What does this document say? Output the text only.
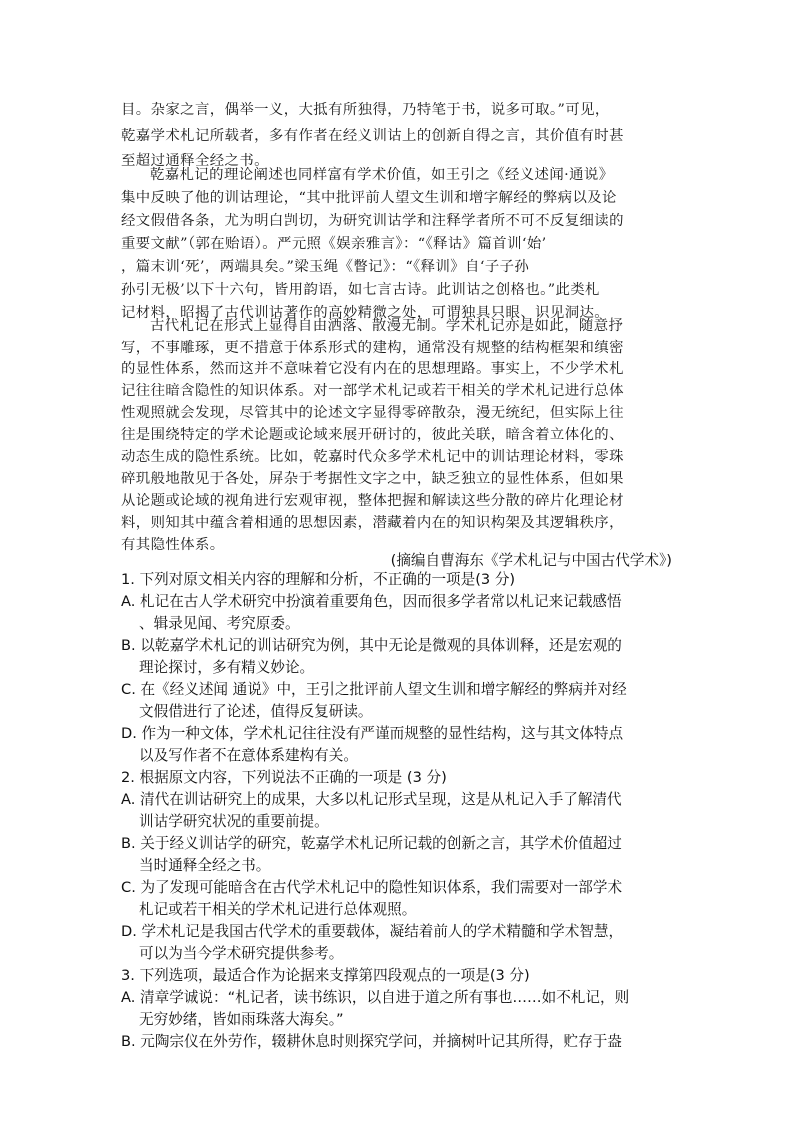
目。杂家之言，偶举一义，大抵有所独得，乃特笔于书，说多可取。”可见，
乾嘉学术札记所载者，多有作者在经义训诂上的创新自得之言，其价值有时甚
至超过通释全经之书。
乾嘉札记的理论阐述也同样富有学术价值，如王引之《经义述闻·通说》
集中反映了他的训诂理论，“其中批评前人望文生训和增字解经的弊病以及论
经文假借各条，尤为明白剀切，为研究训诂学和注释学者所不可不反复细读的
重要文献”（郭在贻语）。严元照《娱亲雅言》：“《释诂》篇首训‘始’
，篇末训‘死’，两端具矣。”梁玉绳《瞥记》：“《释训》自‘子子孙
孙引无极’以下十六句，皆用韵语，如七言古诗。此训诂之创格也。”此类札
记材料，昭揭了古代训诂著作的高妙精微之处，可谓独具只眼、识见洞达。
古代札记在形式上显得自由洒落、散漫无制。学术札记亦是如此，随意抒
写，不事雕琢，更不措意于体系形式的建构，通常没有规整的结构框架和缜密
的显性体系，然而这并不意味着它没有内在的思想理路。事实上，不少学术札
记往往暗含隐性的知识体系。对一部学术札记或若干相关的学术札记进行总体
性观照就会发现，尽管其中的论述文字显得零碎散杂，漫无统纪，但实际上往
往是围绕特定的学术论题或论域来展开研讨的，彼此关联，暗含着立体化的、
动态生成的隐性系统。比如，乾嘉时代众多学术札记中的训诂理论材料，零珠
碎玑般地散见于各处，屏杂于考据性文字之中，缺乏独立的显性体系，但如果
从论题或论域的视角进行宏观审视，整体把握和解读这些分散的碎片化理论材
料，则知其中蕴含着相通的思想因素，潜藏着内在的知识构架及其逻辑秩序，
有其隐性体系。
(摘编自曹海东《学术札记与中国古代学术》)
1. 下列对原文相关内容的理解和分析，不正确的一项是(3 分)
A. 札记在古人学术研究中扮演着重要角色，因而很多学者常以札记来记载感悟
、辑录见闻、考究原委。
B. 以乾嘉学术札记的训诂研究为例，其中无论是微观的具体训释，还是宏观的
理论探讨，多有精义妙论。
C. 在《经义述闻 通说》中，王引之批评前人望文生训和增字解经的弊病并对经
文假借进行了论述，值得反复研读。
D. 作为一种文体，学术札记往往没有严谨而规整的显性结构，这与其文体特点
以及写作者不在意体系建构有关。
2. 根据原文内容，下列说法不正确的一项是 (3 分)
A. 清代在训诂研究上的成果，大多以札记形式呈现，这是从札记入手了解清代
训诂学研究状况的重要前提。
B. 关于经义训诂学的研究，乾嘉学术札记所记载的创新之言，其学术价值超过
当时通释全经之书。
C. 为了发现可能暗含在古代学术札记中的隐性知识体系，我们需要对一部学术
札记或若干相关的学术札记进行总体观照。
D. 学术札记是我国古代学术的重要载体，凝结着前人的学术精髓和学术智慧，
可以为当今学术研究提供参考。
3. 下列选项，最适合作为论据来支撑第四段观点的一项是(3 分)
A. 清章学诚说：“札记者，读书练识，以自进于道之所有事也……如不札记，则
无穷妙绪，皆如雨珠落大海矣。”
B. 元陶宗仪在外劳作，辍耕休息时则探究学问，并摘树叶记其所得，贮存于盎
